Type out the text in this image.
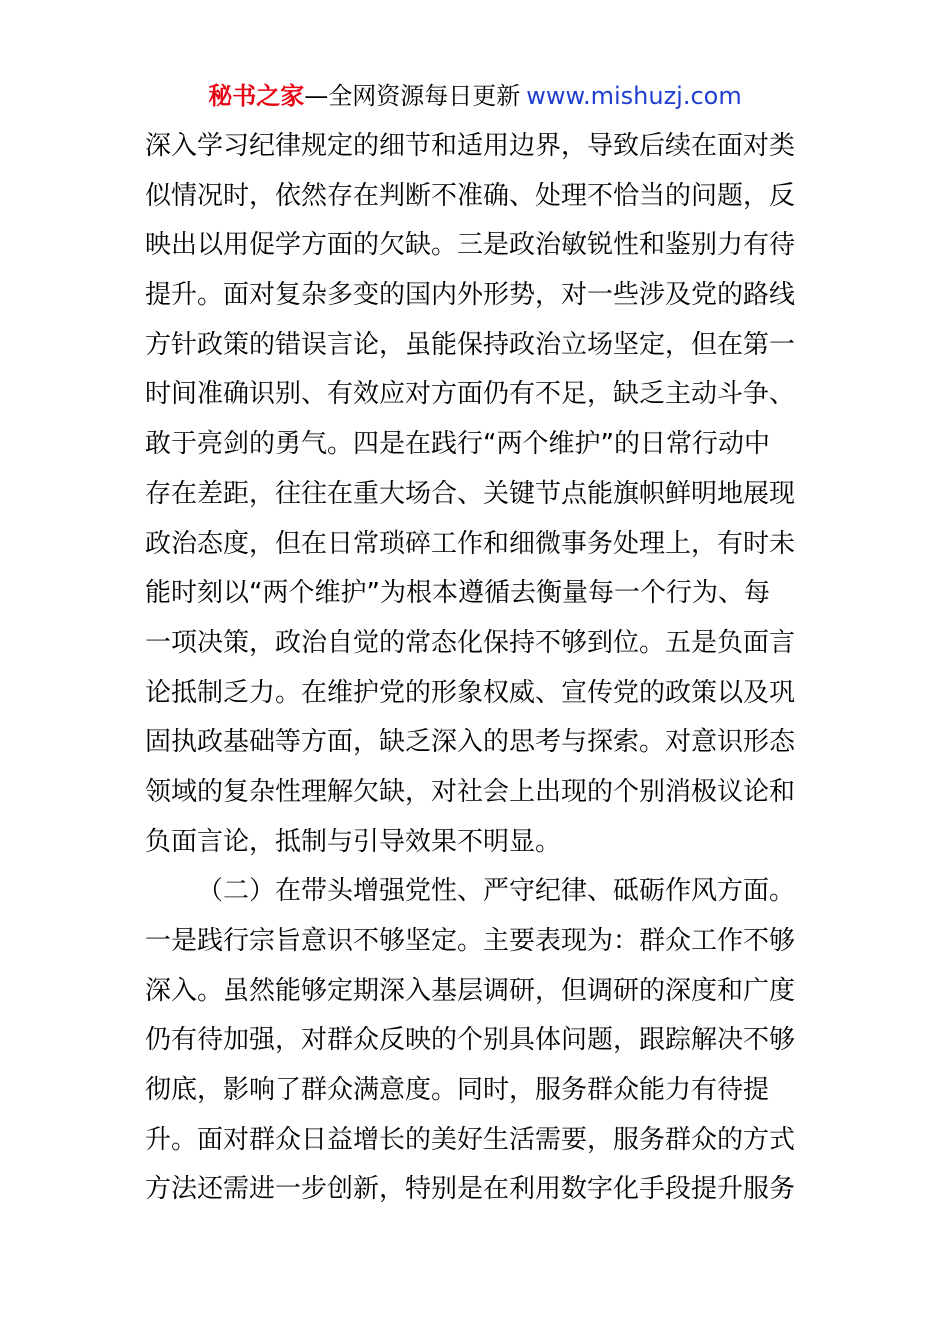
秘书之家—全网资源每日更新 www.mishuzj.com
深入学习纪律规定的细节和适用边界，导致后续在面对类
似情况时，依然存在判断不准确、处理不恰当的问题，反
映出以用促学方面的欠缺。三是政治敏锐性和鉴别力有待
提升。面对复杂多变的国内外形势，对一些涉及党的路线
方针政策的错误言论，虽能保持政治立场坚定，但在第一
时间准确识别、有效应对方面仍有不足，缺乏主动斗争、
敢于亮剑的勇气。四是在践行“两个维护”的日常行动中
存在差距，往往在重大场合、关键节点能旗帜鲜明地展现
政治态度，但在日常琐碎工作和细微事务处理上，有时未
能时刻以“两个维护”为根本遵循去衡量每一个行为、每
一项决策，政治自觉的常态化保持不够到位。五是负面言
论抵制乏力。在维护党的形象权威、宣传党的政策以及巩
固执政基础等方面，缺乏深入的思考与探索。对意识形态
领域的复杂性理解欠缺，对社会上出现的个别消极议论和
负面言论，抵制与引导效果不明显。
（二）在带头增强党性、严守纪律、砥砺作风方面。
一是践行宗旨意识不够坚定。主要表现为：群众工作不够
深入。虽然能够定期深入基层调研，但调研的深度和广度
仍有待加强，对群众反映的个别具体问题，跟踪解决不够
彻底，影响了群众满意度。同时，服务群众能力有待提
升。面对群众日益增长的美好生活需要，服务群众的方式
方法还需进一步创新，特别是在利用数字化手段提升服务
